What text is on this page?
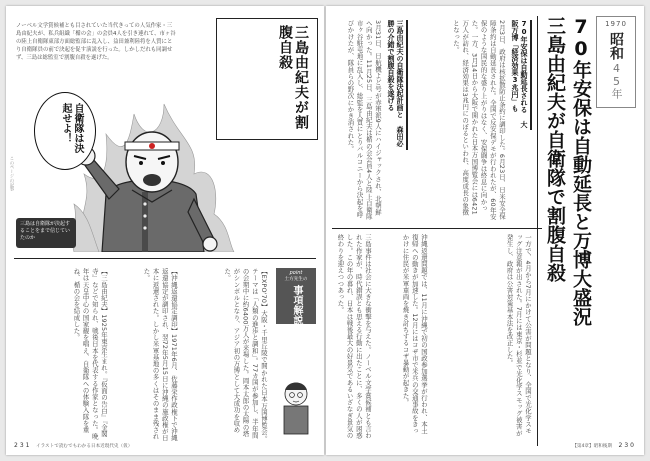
ノーベル文学賞候補とも目されていた当代きっての人気作家・三島由紀夫が、私兵組織「楯の会」の会員4人を引き連れて、市ヶ谷の陸上自衛隊東部方面総監部に乱入し、益田兼利陸将を人質にとり自衛隊員の前で決起を促す演説を行った。しかしだれも同調せず、三島は総監室で割腹自殺を遂げた。	三島由紀夫が割腹自殺
自衛隊は決起せよ！
三島は自衛隊が決起することをまで信じていたのか
このページの記事
point
土方先生の
事項解説
【EXPO'70】大阪・千里丘陵で開かれた日本万国博覧会。テーマは「人類の進歩と調和」。77カ国が参加し、半年間の会期中に約6400万人が来場した。岡本太郎の太陽の塔がシンボルとなり、アジア初の万博として大成功を収めた。
【沖縄返還協定調印】1971年6月、佐藤栄作政権下で沖縄返還協定が調印され、翌72年5月15日に沖縄の施政権が日本に返還された。しかし米軍基地の多くはそのまま残された。
【三島由紀夫】1925年東京生まれ。『仮面の告白』『金閣寺』などで知られ、戦後日本を代表する作家となった。晩年は天皇中心の国家観を唱え、自衛隊への体験入隊を重ね、楯の会を結成した。
231 イラストで読むでもわかる日本近現代史（仮）
1970
昭和
45年
70年安保は自動延長と万博大盛況
三島由紀夫が自衛隊で割腹自殺
70年安保は自動延長される 大阪万博「経済効果3兆円」も
2月3日、政府は核拡散防止条約に調印した。6月23日、日米安全保障条約は自動延長された。全国で反安保デモが行われたが、60年安保のような国民的な盛り上がりはなく、安保闘争は終息に向かった。一方、3月14日から大阪で開かれた日本万国博覧会には6421万人が訪れ、経済効果は3兆円にのぼるといわれ、高度成長の象徴となった。
三島由紀夫の自衛隊決起計画と 森田必勝の介錯で割腹自殺を遂げる
3月31日、日航機よど号が赤軍派9人にハイジャックされ、北朝鮮へ向かった。11月25日、三島由紀夫は楯の会会員4人と陸上自衛隊市ヶ谷駐屯地に乱入し、総監を人質にとりバルコニーから決起を呼びかけたが、隊員らの野次にかき消された。
一方で、4月から7月にかけて公害が問題となり、全国で光化学スモッグ注意報が出された。7月には東京・杉並で光化学スモッグ被害が発生し、政府は公害対策基本法を改正した。
沖縄返還問題では、11月に沖縄で初の国政参加選挙が行われ、本土復帰への動きが加速した。12月にはコザ市で米兵の交通事故をきっかけに住民が米軍車両を焼き討ちするコザ暴動が起きた。
三島事件は社会に大きな衝撃を与えた。ノーベル文学賞候補とも言われた作家が、時代錯誤とも思える行動に出たことに、多くの人が困惑した。この年の暮れ、日本は戦後最大の好景気であるいざなぎ景気の終わりを迎えつつあった。
230
【第4章】昭和後期
